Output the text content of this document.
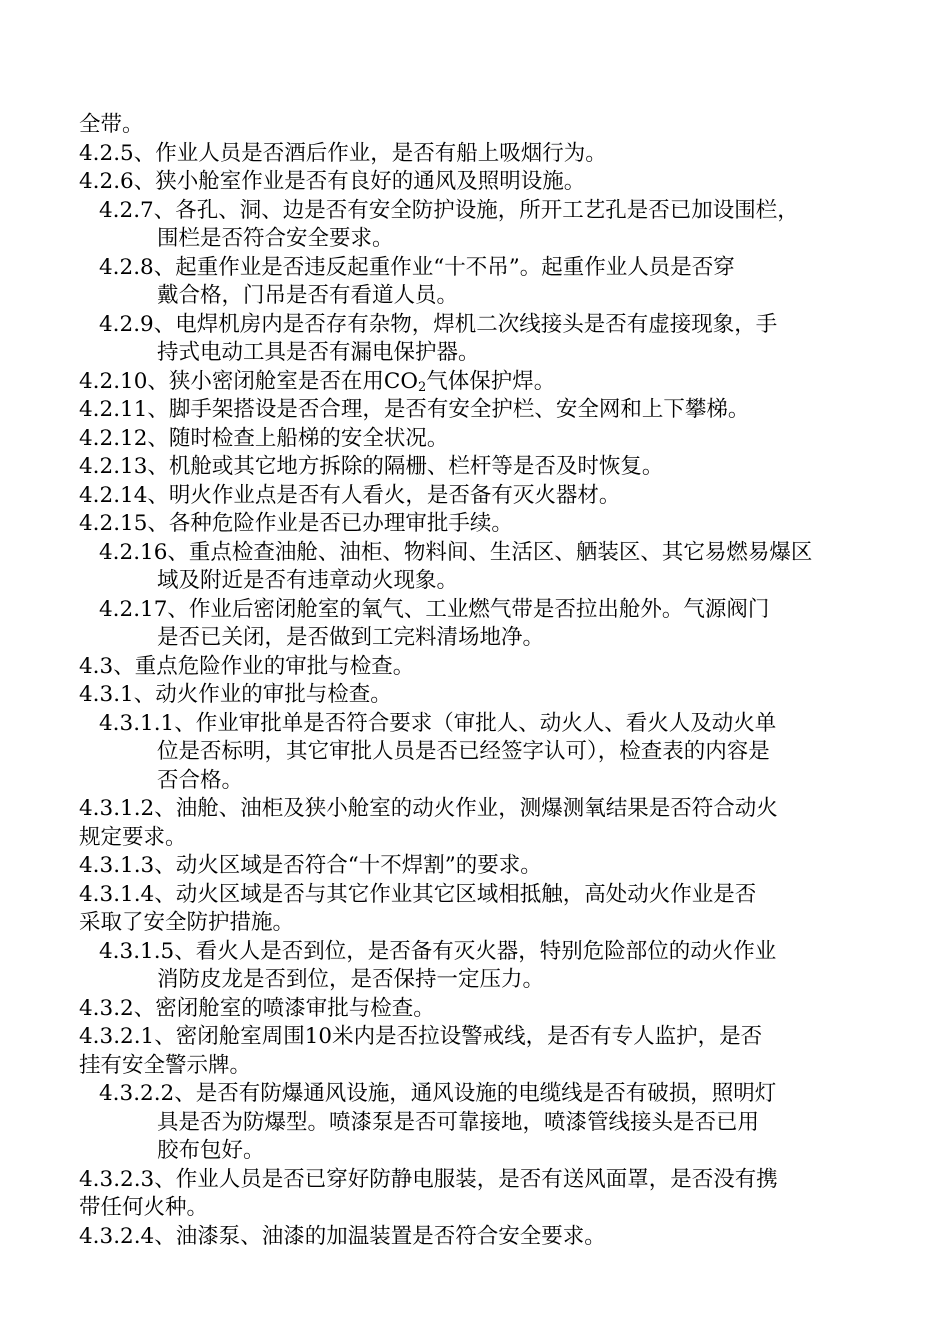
全带。
4.2.5、作业人员是否酒后作业，是否有船上吸烟行为。
4.2.6、狭小舱室作业是否有良好的通风及照明设施。
4.2.7、各孔、洞、边是否有安全防护设施，所开工艺孔是否已加设围栏，
围栏是否符合安全要求。
4.2.8、起重作业是否违反起重作业“十不吊”。起重作业人员是否穿
戴合格，门吊是否有看道人员。
4.2.9、电焊机房内是否存有杂物，焊机二次线接头是否有虚接现象，手
持式电动工具是否有漏电保护器。
4.2.10、狭小密闭舱室是否在用$CO_2$气体保护焊。
4.2.11、脚手架搭设是否合理，是否有安全护栏、安全网和上下攀梯。
4.2.12、随时检查上船梯的安全状况。
4.2.13、机舱或其它地方拆除的隔栅、栏杆等是否及时恢复。
4.2.14、明火作业点是否有人看火，是否备有灭火器材。
4.2.15、各种危险作业是否已办理审批手续。
4.2.16、重点检查油舱、油柜、物料间、生活区、舾装区、其它易燃易爆区
域及附近是否有违章动火现象。
4.2.17、作业后密闭舱室的氧气、工业燃气带是否拉出舱外。气源阀门
是否已关闭，是否做到工完料清场地净。
4.3、重点危险作业的审批与检查。
4.3.1、动火作业的审批与检查。
4.3.1.1、作业审批单是否符合要求（审批人、动火人、看火人及动火单
位是否标明，其它审批人员是否已经签字认可），检查表的内容是
否合格。
4.3.1.2、油舱、油柜及狭小舱室的动火作业，测爆测氧结果是否符合动火
规定要求。
4.3.1.3、动火区域是否符合“十不焊割”的要求。
4.3.1.4、动火区域是否与其它作业其它区域相抵触，高处动火作业是否
采取了安全防护措施。
4.3.1.5、看火人是否到位，是否备有灭火器，特别危险部位的动火作业
消防皮龙是否到位，是否保持一定压力。
4.3.2、密闭舱室的喷漆审批与检查。
4.3.2.1、密闭舱室周围10米内是否拉设警戒线，是否有专人监护，是否
挂有安全警示牌。
4.3.2.2、是否有防爆通风设施，通风设施的电缆线是否有破损，照明灯
具是否为防爆型。喷漆泵是否可靠接地，喷漆管线接头是否已用
胶布包好。
4.3.2.3、作业人员是否已穿好防静电服装，是否有送风面罩，是否没有携
带任何火种。
4.3.2.4、油漆泵、油漆的加温装置是否符合安全要求。
